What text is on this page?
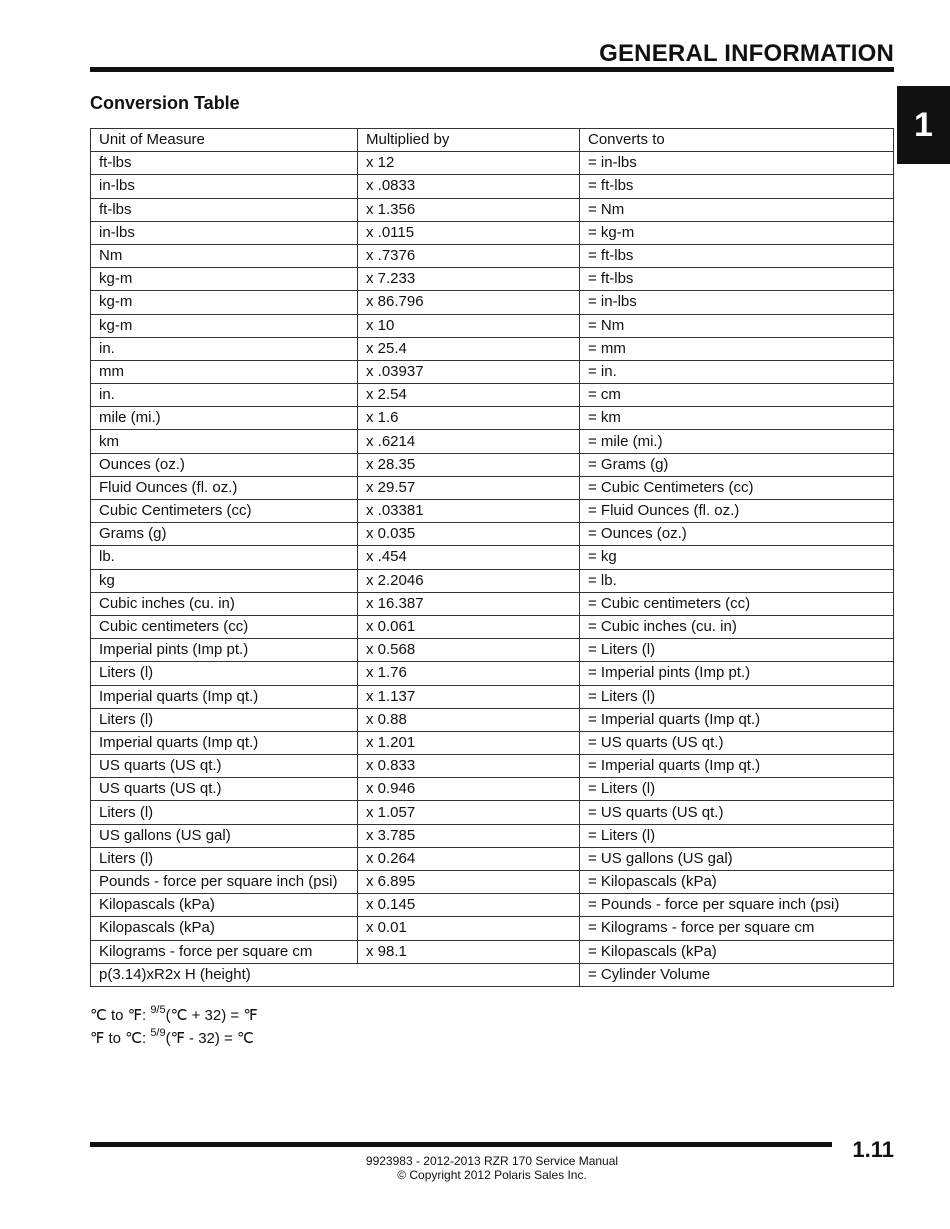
GENERAL INFORMATION
1
Conversion Table
Unit of Measure	Multiplied by	Converts to
ft-lbs	x 12	= in-lbs
in-lbs	x .0833	= ft-lbs
ft-lbs	x 1.356	= Nm
in-lbs	x .0115	= kg-m
Nm	x .7376	= ft-lbs
kg-m	x 7.233	= ft-lbs
kg-m	x 86.796	= in-lbs
kg-m	x 10	= Nm
in.	x 25.4	= mm
mm	x .03937	= in.
in.	x 2.54	= cm
mile (mi.)	x 1.6	= km
km	x .6214	= mile (mi.)
Ounces (oz.)	x 28.35	= Grams (g)
Fluid Ounces (fl. oz.)	x 29.57	= Cubic Centimeters (cc)
Cubic Centimeters (cc)	x .03381	= Fluid Ounces (fl. oz.)
Grams (g)	x 0.035	= Ounces (oz.)
lb.	x .454	= kg
kg	x 2.2046	= lb.
Cubic inches (cu. in)	x 16.387	= Cubic centimeters (cc)
Cubic centimeters (cc)	x 0.061	= Cubic inches (cu. in)
Imperial pints (Imp pt.)	x 0.568	= Liters (l)
Liters (l)	x 1.76	= Imperial pints (Imp pt.)
Imperial quarts (Imp qt.)	x 1.137	= Liters (l)
Liters (l)	x 0.88	= Imperial quarts (Imp qt.)
Imperial quarts (Imp qt.)	x 1.201	= US quarts (US qt.)
US quarts (US qt.)	x 0.833	= Imperial quarts (Imp qt.)
US quarts (US qt.)	x 0.946	= Liters (l)
Liters (l)	x 1.057	= US quarts (US qt.)
US gallons (US gal)	x 3.785	= Liters (l)
Liters (l)	x 0.264	= US gallons (US gal)
Pounds - force per square inch (psi)	x 6.895	= Kilopascals (kPa)
Kilopascals (kPa)	x 0.145	= Pounds - force per square inch (psi)
Kilopascals (kPa)	x 0.01	= Kilograms - force per square cm
Kilograms - force per square cm	x 98.1	= Kilopascals (kPa)
p(3.14)xR2x H (height)		= Cylinder Volume
℃ to ℉: $^{9/5}$(℃ + 32) = ℉
℉ to ℃: $^{5/9}$(℉ - 32) = ℃
1.11
9923983 - 2012-2013 RZR 170 Service Manual
© Copyright 2012 Polaris Sales Inc.
